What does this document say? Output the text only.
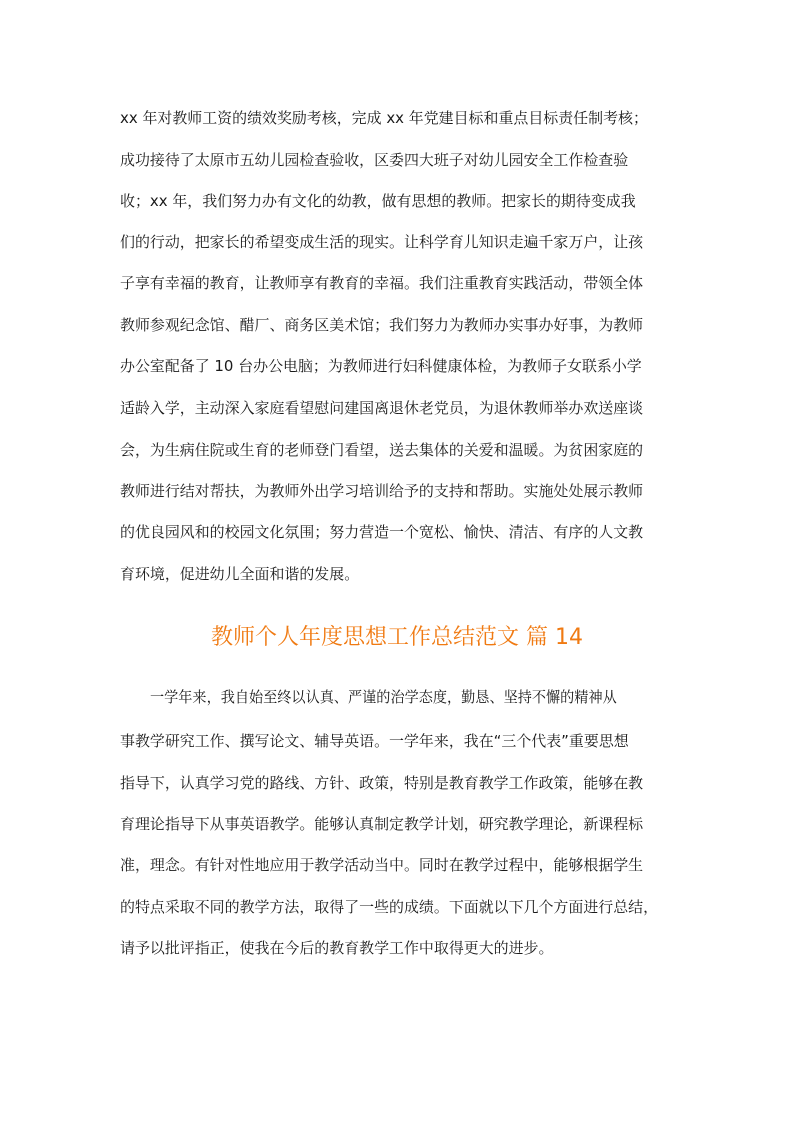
xx 年对教师工资的绩效奖励考核，完成 xx 年党建目标和重点目标责任制考核；
成功接待了太原市五幼儿园检查验收，区委四大班子对幼儿园安全工作检查验
收；xx 年，我们努力办有文化的幼教，做有思想的教师。把家长的期待变成我
们的行动，把家长的希望变成生活的现实。让科学育儿知识走遍千家万户，让孩
子享有幸福的教育，让教师享有教育的幸福。我们注重教育实践活动，带领全体
教师参观纪念馆、醋厂、商务区美术馆；我们努力为教师办实事办好事，为教师
办公室配备了 10 台办公电脑；为教师进行妇科健康体检，为教师子女联系小学
适龄入学，主动深入家庭看望慰问建国离退休老党员，为退休教师举办欢送座谈
会，为生病住院或生育的老师登门看望，送去集体的关爱和温暖。为贫困家庭的
教师进行结对帮扶，为教师外出学习培训给予的支持和帮助。实施处处展示教师
的优良园风和的校园文化氛围；努力营造一个宽松、愉快、清洁、有序的人文教
育环境，促进幼儿全面和谐的发展。
教师个人年度思想工作总结范文 篇 14
一学年来，我自始至终以认真、严谨的治学态度，勤恳、坚持不懈的精神从
事教学研究工作、撰写论文、辅导英语。一学年来，我在“三个代表”重要思想
指导下，认真学习党的路线、方针、政策，特别是教育教学工作政策，能够在教
育理论指导下从事英语教学。能够认真制定教学计划，研究教学理论，新课程标
准，理念。有针对性地应用于教学活动当中。同时在教学过程中，能够根据学生
的特点采取不同的教学方法，取得了一些的成绩。下面就以下几个方面进行总结，
请予以批评指正，使我在今后的教育教学工作中取得更大的进步。
